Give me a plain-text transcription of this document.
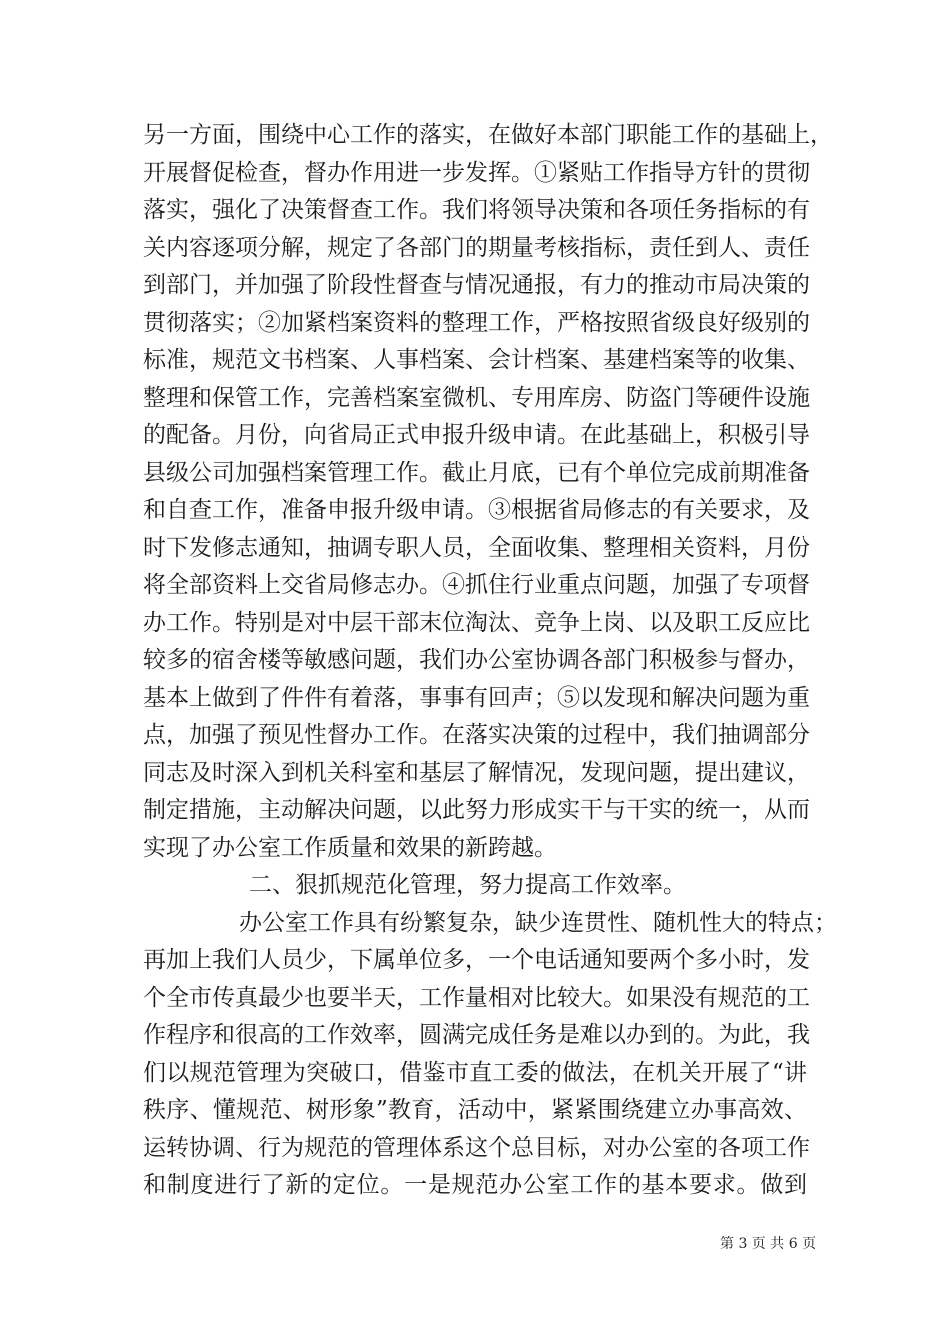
另一方面，围绕中心工作的落实，在做好本部门职能工作的基础上，
开展督促检查，督办作用进一步发挥。①紧贴工作指导方针的贯彻
落实，强化了决策督查工作。我们将领导决策和各项任务指标的有
关内容逐项分解，规定了各部门的期量考核指标，责任到人、责任
到部门，并加强了阶段性督查与情况通报，有力的推动市局决策的
贯彻落实；②加紧档案资料的整理工作，严格按照省级良好级别的
标准，规范文书档案、人事档案、会计档案、基建档案等的收集、
整理和保管工作，完善档案室微机、专用库房、防盗门等硬件设施
的配备。月份，向省局正式申报升级申请。在此基础上，积极引导
县级公司加强档案管理工作。截止月底，已有个单位完成前期准备
和自查工作，准备申报升级申请。③根据省局修志的有关要求，及
时下发修志通知，抽调专职人员，全面收集、整理相关资料，月份
将全部资料上交省局修志办。④抓住行业重点问题，加强了专项督
办工作。特别是对中层干部末位淘汰、竞争上岗、以及职工反应比
较多的宿舍楼等敏感问题，我们办公室协调各部门积极参与督办，
基本上做到了件件有着落，事事有回声；⑤以发现和解决问题为重
点，加强了预见性督办工作。在落实决策的过程中，我们抽调部分
同志及时深入到机关科室和基层了解情况，发现问题，提出建议，
制定措施，主动解决问题，以此努力形成实干与干实的统一，从而
实现了办公室工作质量和效果的新跨越。
二、狠抓规范化管理，努力提高工作效率。
办公室工作具有纷繁复杂，缺少连贯性、随机性大的特点；
再加上我们人员少，下属单位多，一个电话通知要两个多小时，发
个全市传真最少也要半天，工作量相对比较大。如果没有规范的工
作程序和很高的工作效率，圆满完成任务是难以办到的。为此，我
们以规范管理为突破口，借鉴市直工委的做法，在机关开展了“讲
秩序、懂规范、树形象”教育，活动中，紧紧围绕建立办事高效、
运转协调、行为规范的管理体系这个总目标，对办公室的各项工作
和制度进行了新的定位。一是规范办公室工作的基本要求。做到
第 3 页 共 6 页
